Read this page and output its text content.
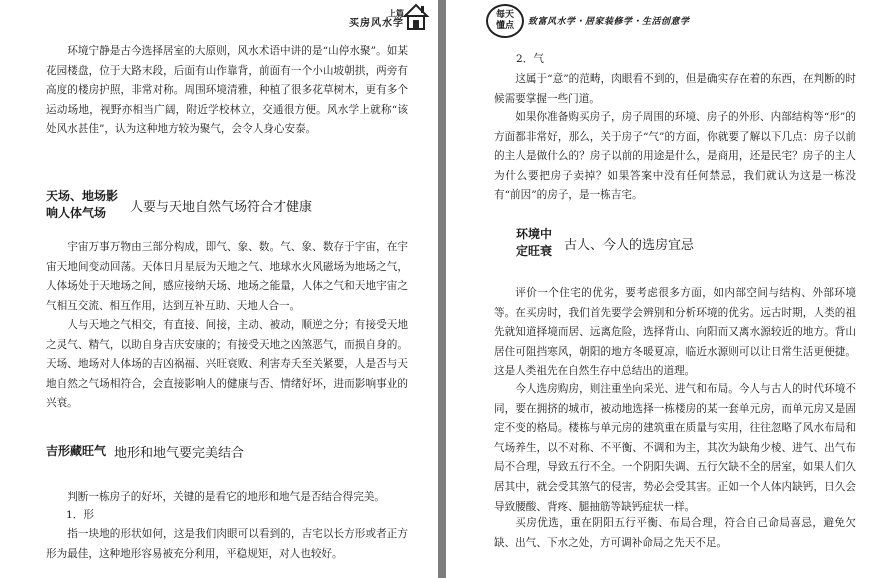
上篇
买房风水学

环境宁静是古今选择居室的大原则，风水术语中讲的是“山停水聚”。如某花园楼盘，位于大路末段，后面有山作靠背，前面有一个小山坡朝拱，两旁有高度的楼房护照，非常对称。周围环境清雅，种植了很多花草树木，更有多个运动场地，视野亦相当广阔，附近学校林立，交通很方便。风水学上就称“该处风水甚佳”，认为这种地方较为聚气，会令人身心安泰。

天场、地场影
响人体气场	人要与天地自然气场符合才健康

宇宙万事万物由三部分构成，即气、象、数。气、象、数存于宇宙，在宇宙天地间变动回荡。天体日月星辰为天地之气、地球水火风磁场为地场之气，人体场处于天地场之间，感应接纳天场、地场之能量，人体之气和天地宇宙之气相互交流、相互作用，达到互补互助、天地人合一。

人与天地之气相交，有直接、间接，主动、被动，顺逆之分；有接受天地之灵气、精气，以助自身吉庆安康的；有接受天地之凶煞恶气，而损自身的。天场、地场对人体场的吉凶祸福、兴旺衰败、利害寿夭至关紧要，人是否与天地自然之气场相符合，会直接影响人的健康与否、情绪好坏，进而影响事业的兴衰。

吉形藏旺气 地形和地气要完美结合

判断一栋房子的好坏，关键的是看它的地形和地气是否结合得完美。

1．形

指一块地的形状如何，这是我们肉眼可以看到的，吉宅以长方形或者正方形为最佳，这种地形容易被充分利用，平稳规矩，对人也较好。

每天
懂点	致富风水学・居家装修学・生活创意学
2．气

这属于“意”的范畴，肉眼看不到的，但是确实存在着的东西，在判断的时候需要掌握一些门道。

如果你准备购买房子，房子周围的环境、房子的外形、内部结构等“形”的方面都非常好，那么，关于房子“气”的方面，你就要了解以下几点：房子以前的主人是做什么的？房子以前的用途是什么，是商用，还是民宅？房子的主人为什么要把房子卖掉？如果答案中没有任何禁忌，我们就认为这是一栋没有“前因”的房子，是一栋吉宅。

环境中
定旺衰 古人、今人的选房宜忌

评价一个住宅的优劣，要考虑很多方面，如内部空间与结构、外部环境等。在买房时，我们首先要学会辨别和分析环境的优劣。远古时期，人类的祖先就知道择境而居、远离危险，选择背山、向阳而又离水源较近的地方。背山居住可阻挡寒风，朝阳的地方冬暖夏凉，临近水源则可以让日常生活更便捷。这是人类祖先在自然生存中总结出的道理。

今人选房购房，则注重坐向采光、进气和布局。今人与古人的时代环境不同，要在拥挤的城市，被动地选择一栋楼房的某一套单元房，而单元房又是固定不变的格局。楼栋与单元房的建筑重在质量与实用，往往忽略了风水布局和气场养生，以不对称、不平衡、不调和为主，其次为缺角少棱、进气、出气布局不合理，导致五行不全。一个阴阳失调、五行欠缺不全的居室，如果人们久居其中，就会受其煞气的侵害，势必会受其害。正如一个人体内缺钙，日久会导致腰酸、背疼、腿抽筋等缺钙症状一样。

买房优选，重在阴阳五行平衡、布局合理，符合自己命局喜忌，避免欠缺、出气、下水之处，方可调补命局之先天不足。
